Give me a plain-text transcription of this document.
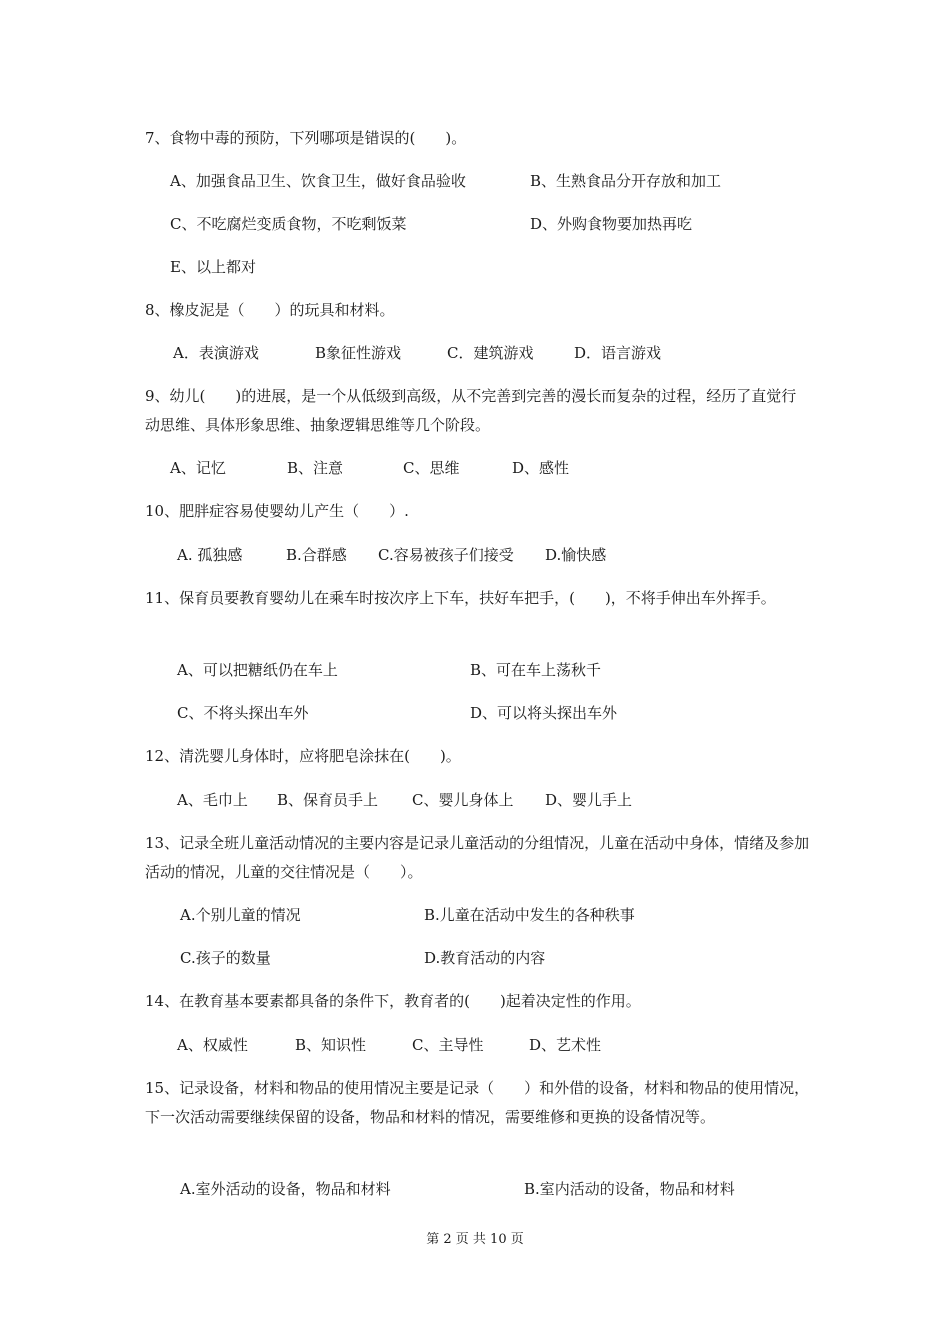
7、食物中毒的预防，下列哪项是错误的(　　)。

A、加强食品卫生、饮食卫生，做好食品验收	B、生熟食品分开存放和加工
C、不吃腐烂变质食物，不吃剩饭菜	D、外购食物要加热再吃
E、以上都对

8、橡皮泥是（　　）的玩具和材料。

A．表演游戏	B象征性游戏	C．建筑游戏	D．语言游戏

9、幼儿(　　)的进展，是一个从低级到高级，从不完善到完善的漫长而复杂的过程，经历了直觉行动思维、具体形象思维、抽象逻辑思维等几个阶段。

A、记忆	B、注意	C、思维	D、感性

10、肥胖症容易使婴幼儿产生（　　）.

A. 孤独感	B.合群感 C.容易被孩子们接受 D.愉快感

11、保育员要教育婴幼儿在乘车时按次序上下车，扶好车把手，(　　)，不将手伸出车外挥手。

A、可以把糖纸仍在车上	B、可在车上荡秋千
C、不将头探出车外	D、可以将头探出车外

12、清洗婴儿身体时，应将肥皂涂抹在(　　)。

A、毛巾上 B、保育员手上 C、婴儿身体上 D、婴儿手上

13、记录全班儿童活动情况的主要内容是记录儿童活动的分组情况，儿童在活动中身体，情绪及参加活动的情况，儿童的交往情况是（　　）。

A.个别儿童的情况	B.儿童在活动中发生的各种秩事
C.孩子的数量	D.教育活动的内容

14、在教育基本要素都具备的条件下，教育者的(　　)起着决定性的作用。

A、权威性	B、知识性	C、主导性	D、艺术性

15、记录设备，材料和物品的使用情况主要是记录（　　）和外借的设备，材料和物品的使用情况，下一次活动需要继续保留的设备，物品和材料的情况，需要维修和更换的设备情况等。

A.室外活动的设备，物品和材料	B.室内活动的设备，物品和材料
第 2 页 共 10 页
